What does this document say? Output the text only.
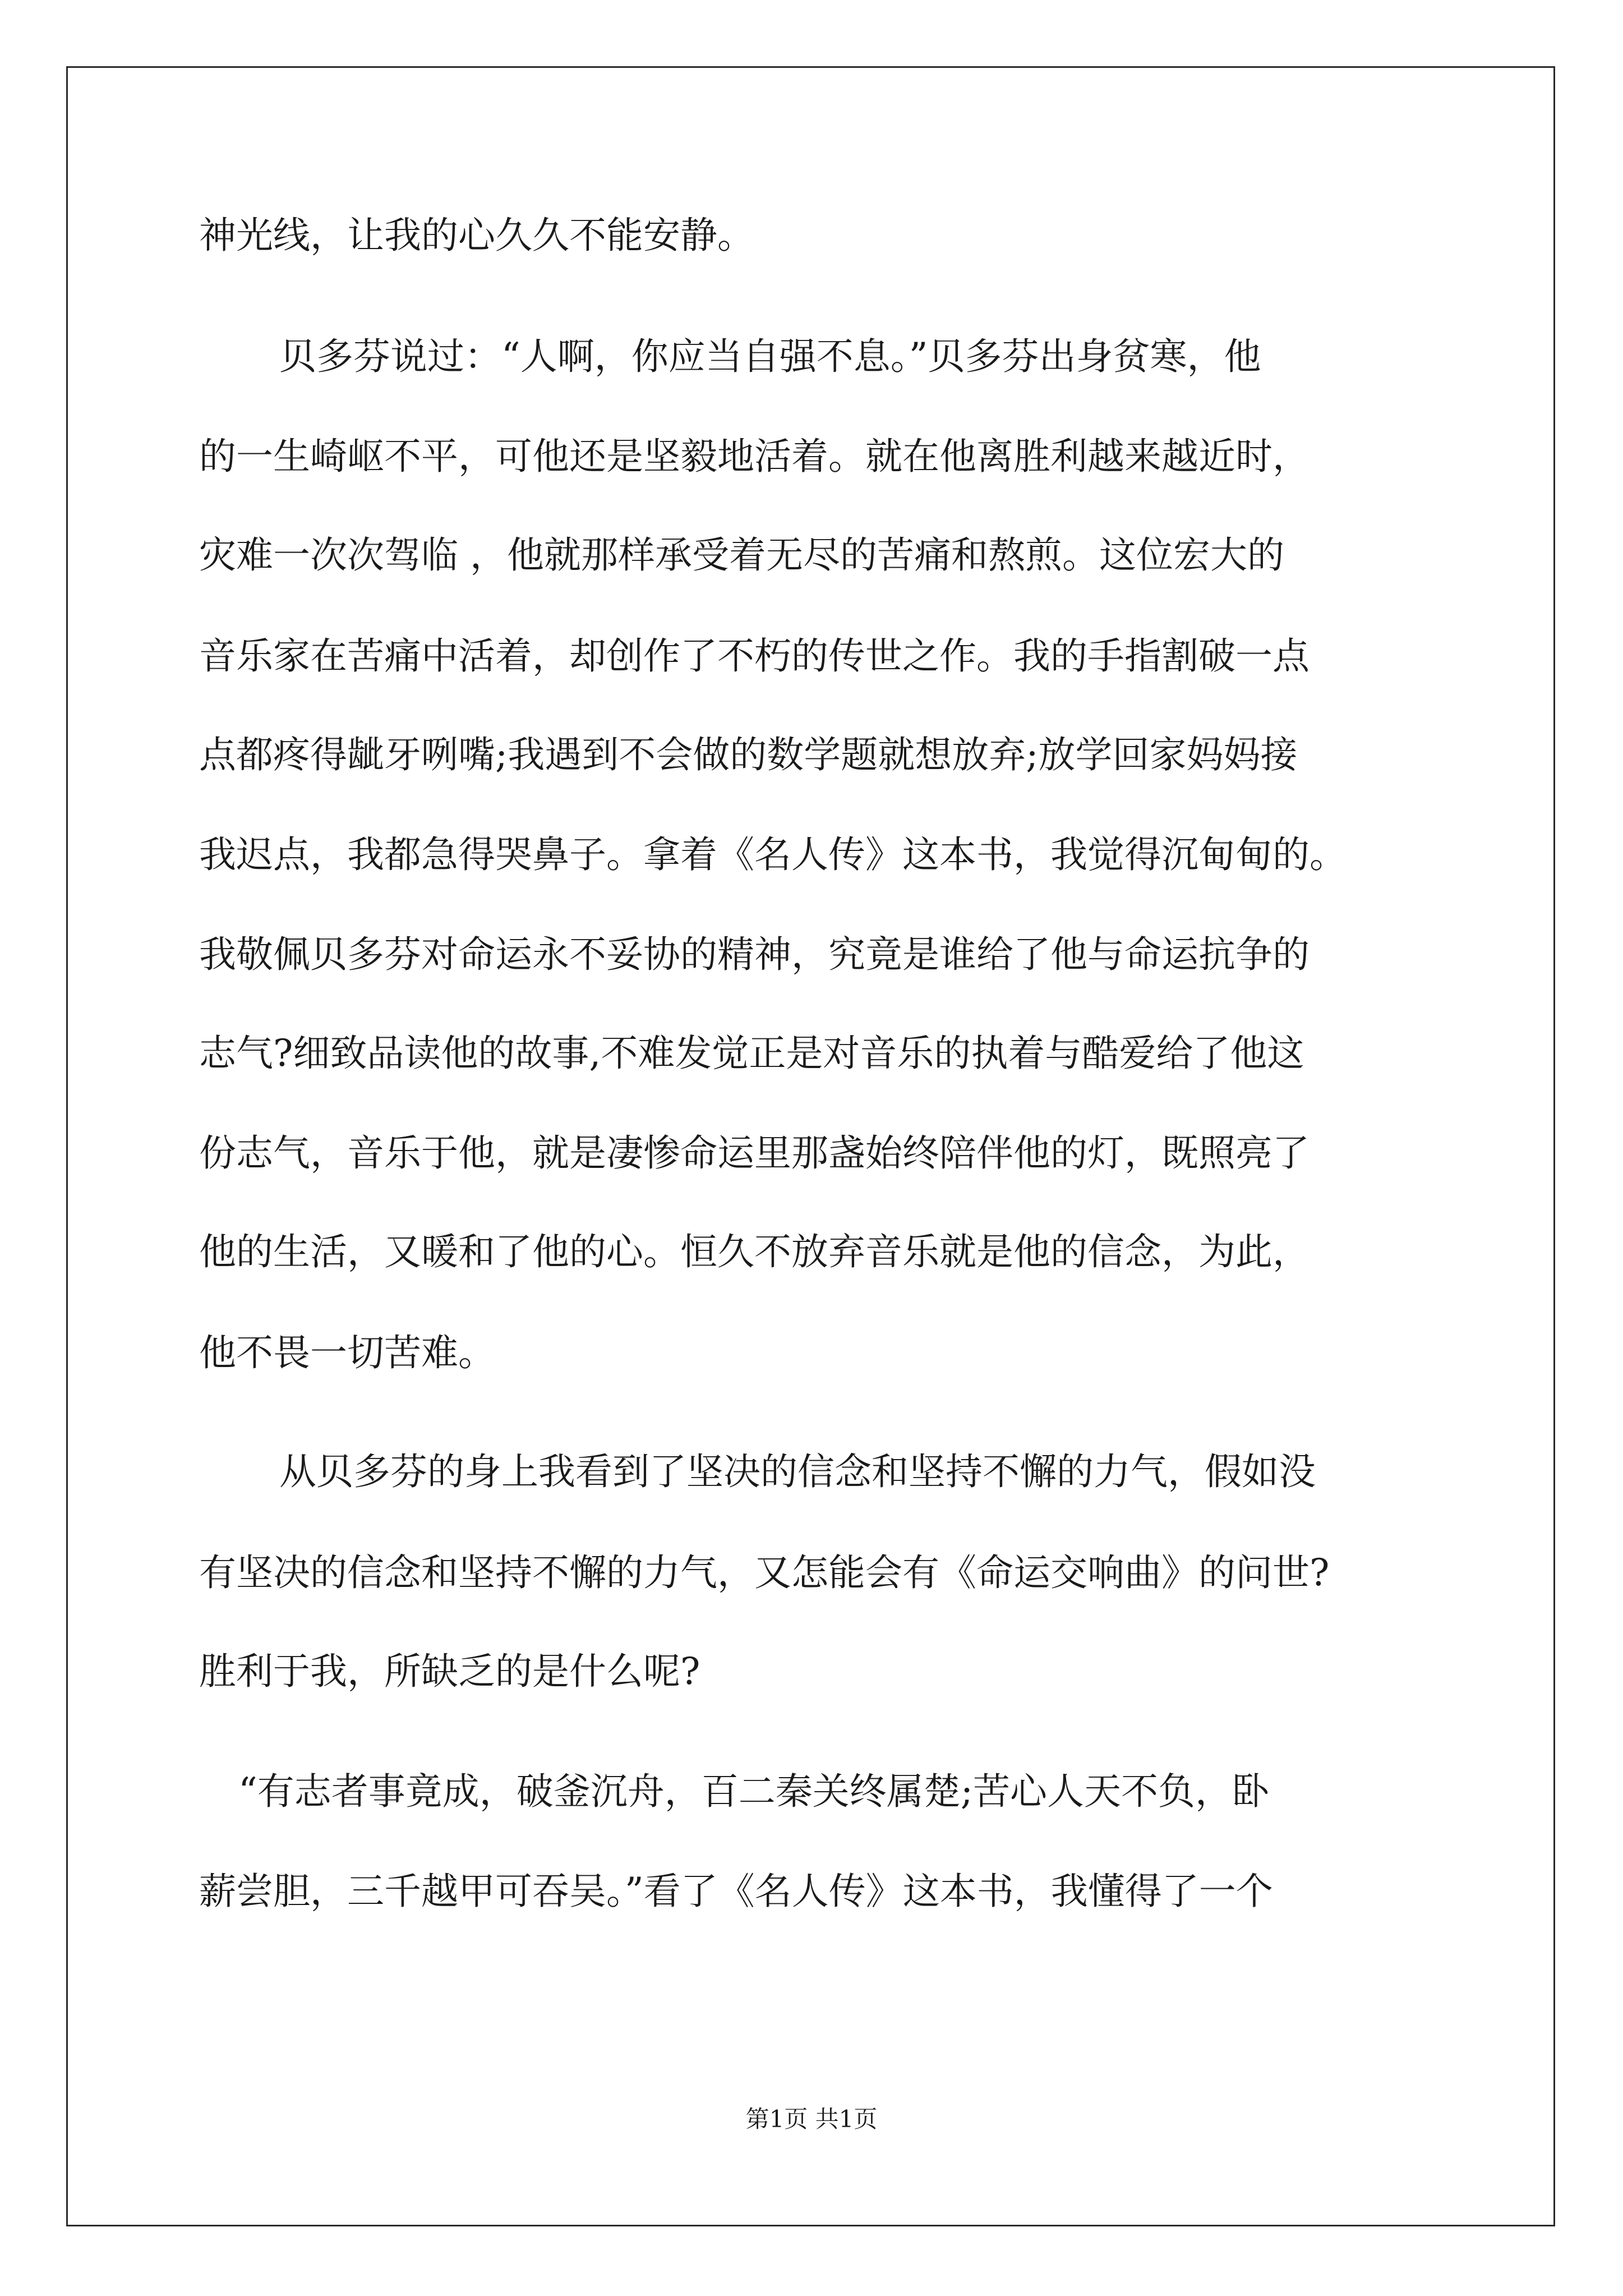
神光线，让我的心久久不能安静。
贝多芬说过：“人啊，你应当自强不息。”贝多芬出身贫寒，他
的一生崎岖不平，可他还是坚毅地活着。就在他离胜利越来越近时，
灾难一次次驾临 ，他就那样承受着无尽的苦痛和熬煎。这位宏大的
音乐家在苦痛中活着，却创作了不朽的传世之作。我的手指割破一点
点都疼得龇牙咧嘴;我遇到不会做的数学题就想放弃;放学回家妈妈接
我迟点，我都急得哭鼻子。拿着《名人传》这本书，我觉得沉甸甸的。
我敬佩贝多芬对命运永不妥协的精神，究竟是谁给了他与命运抗争的
志气?细致品读他的故事,不难发觉正是对音乐的执着与酷爱给了他这
份志气，音乐于他，就是凄惨命运里那盏始终陪伴他的灯，既照亮了
他的生活，又暖和了他的心。恒久不放弃音乐就是他的信念，为此，
他不畏一切苦难。
从贝多芬的身上我看到了坚决的信念和坚持不懈的力气，假如没
有坚决的信念和坚持不懈的力气，又怎能会有《命运交响曲》的问世?
胜利于我，所缺乏的是什么呢?
“有志者事竟成，破釜沉舟，百二秦关终属楚;苦心人天不负，卧
薪尝胆，三千越甲可吞吴。”看了《名人传》这本书，我懂得了一个
第1页 共1页
